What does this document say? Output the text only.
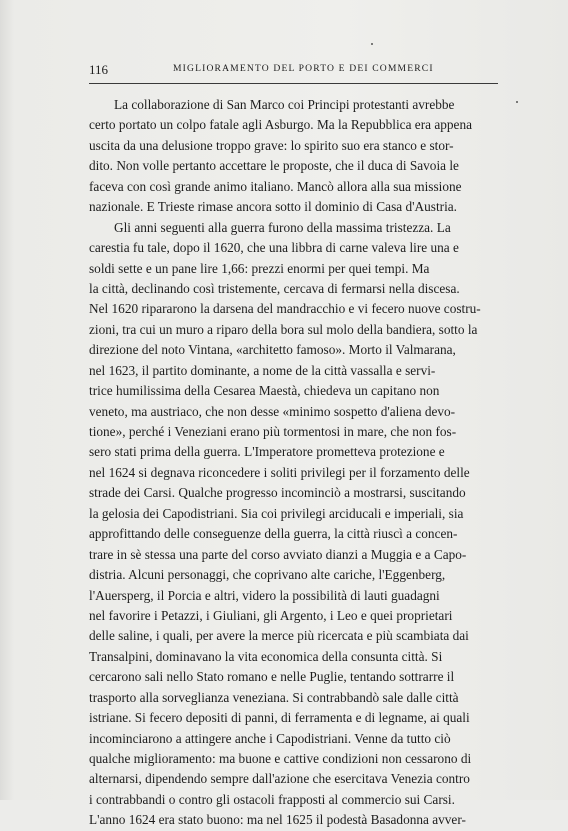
116	MIGLIORAMENTO DEL PORTO E DEI COMMERCI
La collaborazione di San Marco coi Principi protestanti avrebbe
certo portato un colpo fatale agli Asburgo. Ma la Repubblica era appena
uscita da una delusione troppo grave: lo spirito suo era stanco e stor-
dito. Non volle pertanto accettare le proposte, che il duca di Savoia le
faceva con così grande animo italiano. Mancò allora alla sua missione
nazionale. E Trieste rimase ancora sotto il dominio di Casa d'Austria.
Gli anni seguenti alla guerra furono della massima tristezza. La
carestia fu tale, dopo il 1620, che una libbra di carne valeva lire una e
soldi sette e un pane lire 1,66: prezzi enormi per quei tempi. Ma
la città, declinando così tristemente, cercava di fermarsi nella discesa.
Nel 1620 ripararono la darsena del mandracchio e vi fecero nuove costru-
zioni, tra cui un muro a riparo della bora sul molo della bandiera, sotto la
direzione del noto Vintana, «architetto famoso». Morto il Valmarana,
nel 1623, il partito dominante, a nome de la città vassalla e servi-
trice humilissima della Cesarea Maestà, chiedeva un capitano non
veneto, ma austriaco, che non desse «minimo sospetto d'aliena devo-
tione», perché i Veneziani erano più tormentosi in mare, che non fos-
sero stati prima della guerra. L'Imperatore prometteva protezione e
nel 1624 si degnava riconcedere i soliti privilegi per il forzamento delle
strade dei Carsi. Qualche progresso incominciò a mostrarsi, suscitando
la gelosia dei Capodistriani. Sia coi privilegi arciducali e imperiali, sia
approfittando delle conseguenze della guerra, la città riuscì a concen-
trare in sè stessa una parte del corso avviato dianzi a Muggia e a Capo-
distria. Alcuni personaggi, che coprivano alte cariche, l'Eggenberg,
l'Auersperg, il Porcia e altri, videro la possibilità di lauti guadagni
nel favorire i Petazzi, i Giuliani, gli Argento, i Leo e quei proprietari
delle saline, i quali, per avere la merce più ricercata e più scambiata dai
Transalpini, dominavano la vita economica della consunta città. Si
cercarono sali nello Stato romano e nelle Puglie, tentando sottrarre il
trasporto alla sorveglianza veneziana. Si contrabbandò sale dalle città
istriane. Si fecero depositi di panni, di ferramenta e di legname, ai quali
incominciarono a attingere anche i Capodistriani. Venne da tutto ciò
qualche miglioramento: ma buone e cattive condizioni non cessarono di
alternarsi, dipendendo sempre dall'azione che esercitava Venezia contro
i contrabbandi o contro gli ostacoli frapposti al commercio sui Carsi.
L'anno 1624 era stato buono: ma nel 1625 il podestà Basadonna avver-
